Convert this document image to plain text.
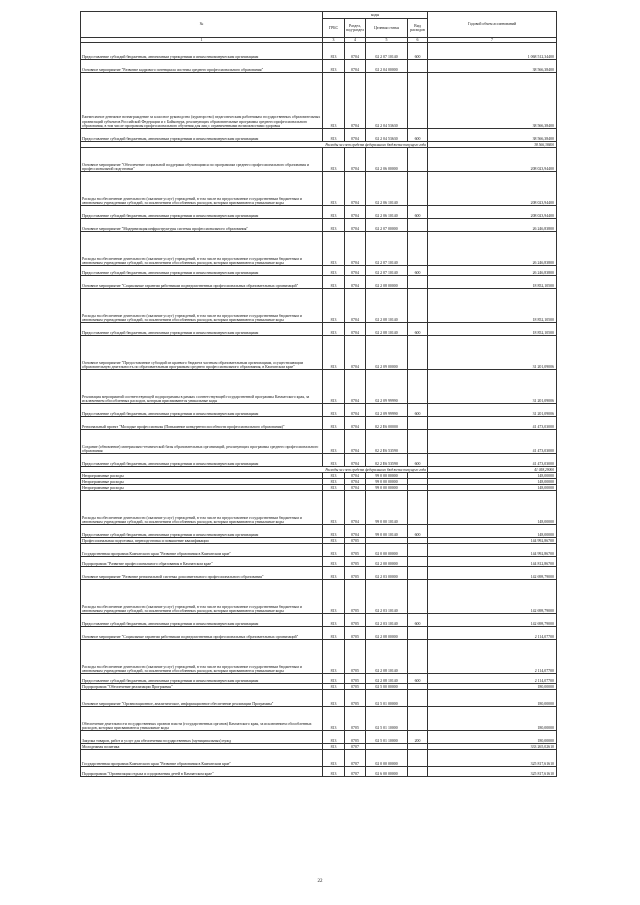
№	коды				Годовой объем ассигнований
	ГРБС	Раздел, под-раздел	Целевая статья	Вид расходов	
1	3	4	5	6	7
Предоставление субсидий бюджетным, автономным учреждениям и иным некоммерческим организациям	813	0704	02 2 07 10140	600	1 068 512,34400
Основное мероприятие "Развитие кадрового потенциала системы среднего профессионального образования"	813	0704	02 2 04 00000		38 566,38400
Ежемесячное денежное вознаграждение за классное руководство (кураторство) педагогическим работникам государственных образовательных организаций субъектов Российской Федерации и г. Байконура, реализующих образовательные программы среднего профессионального образования, в том числе программы профессионального обучения для лиц с ограниченными возможностями здоровья	813	0704	02 2 04 53630		38 566,38400
Предоставление субсидий бюджетным, автономным учреждениям и иным некоммерческим организациям	813	0704	02 2 04 53630	600	38 566,38400
Расходы за счет средств федерального бюджета текущего года					38 566,38400
Основное мероприятие "Обеспечение социальной поддержки обучающимся по программам среднего профессионального образования и профессиональной подготовки"	813	0704	02 2 06 00000		208 023,94400
Расходы на обеспечение деятельности (оказание услуг) учреждений, в том числе на предоставление государственным бюджетным и автономным учреждениям субсидий, за исключением обособленных расходов, которым присваиваются уникальные коды	813	0704	02 2 06 10140		208 023,94400
Предоставление субсидий бюджетным, автономным учреждениям и иным некоммерческим организациям	813	0704	02 2 06 10140	600	208 023,94400
Основное мероприятие "Модернизация инфраструктуры системы профессионального образования"	813	0704	02 2 07 00000		26 246,83800
Расходы на обеспечение деятельности (оказание услуг) учреждений, в том числе на предоставление государственным бюджетным и автономным учреждениям субсидий, за исключением обособленных расходов, которым присваиваются уникальные коды	813	0704	02 2 07 10140		26 246,83800
Предоставление субсидий бюджетным, автономным учреждениям и иным некоммерческим организациям	813	0704	02 2 07 10140	600	26 246,83800
Основное мероприятие "Социальные гарантии работникам подведомственных профессиональных образовательных организаций"	813	0704	02 2 08 00000		18 852,10500
Расходы на обеспечение деятельности (оказание услуг) учреждений, в том числе на предоставление государственным бюджетным и автономным учреждениям субсидий, за исключением обособленных расходов, которым присваиваются уникальные коды	813	0704	02 2 08 10140		18 852,10500
Предоставление субсидий бюджетным, автономным учреждениям и иным некоммерческим организациям	813	0704	02 2 08 10140	600	18 852,10500
Основное мероприятие "Предоставление субсидий из краевого бюджета частным образовательным организациям, осуществляющим образовательную деятельность по образовательным программам среднего профессионального образования, в Камчатском крае"	813	0704	02 2 09 00000		31 201,09006
Реализация мероприятий соответствующей подпрограммы в рамках соответствующей государственной программы Камчатского края, за исключением обособленных расходов, которым присваиваются уникальные коды	813	0704	02 2 09 99990		31 201,09006
Предоставление субсидий бюджетным, автономным учреждениям и иным некоммерческим организациям	813	0704	02 2 09 99990	600	31 201,09006
Региональный проект "Молодые профессионалы (Повышение конкурентоспособности профессионального образования)"	813	0704	02 2 E6 00000		41 473,03000
Создание (обновление) материально-технической базы образовательных организаций, реализующих программы среднего профессионального образования	813	0704	02 2 E6 53590		41 473,03000
Предоставление субсидий бюджетным, автономным учреждениям и иным некоммерческим организациям	813	0704	02 2 E6 53590	600	41 473,03000
Расходы за счет средств федерального бюджета текущего года					41 058,29000
Непрограммные расходы	813	0704	99 0 00 00000		148,00000
Непрограммные расходы	813	0704	99 0 00 00000		148,00000
Непрограммные расходы	813	0704	99 0 00 00000		148,00000
Расходы на обеспечение деятельности (оказание услуг) учреждений, в том числе на предоставление государственным бюджетным и автономным учреждениям субсидий, за исключением обособленных расходов, которым присваиваются уникальные коды	813	0704	99 0 00 10140		148,00000
Предоставление субсидий бюджетным, автономным учреждениям и иным некоммерческим организациям	813	0704	99 0 00 10140	600	148,00000
Профессиональная подготовка, переподготовка и повышение квалификации	813	0705			144 992,86700
Государственная программа Камчатского края "Развитие образования в Камчатском крае"	813	0705	02 0 00 00000		144 992,86700
Подпрограмма "Развитие профессионального образования в Камчатском крае"	813	0705	02 2 00 00000		144 812,86700
Основное мероприятие "Развитие региональной системы дополнительного профессионального образования"	813	0705	02 2 03 00000		142 698,79000
Расходы на обеспечение деятельности (оказание услуг) учреждений, в том числе на предоставление государственным бюджетным и автономным учреждениям субсидий, за исключением обособленных расходов, которым присваиваются уникальные коды	813	0705	02 2 03 10140		142 698,79000
Предоставление субсидий бюджетным, автономным учреждениям и иным некоммерческим организациям	813	0705	02 2 03 10140	600	142 698,79000
Основное мероприятие "Социальные гарантии работникам подведомственных профессиональных образовательных организаций"	813	0705	02 2 08 00000		2 114,07700
Расходы на обеспечение деятельности (оказание услуг) учреждений, в том числе на предоставление государственным бюджетным и автономным учреждениям субсидий, за исключением обособленных расходов, которым присваиваются уникальные коды	813	0705	02 2 08 10140		2 114,07700
Предоставление субсидий бюджетным, автономным учреждениям и иным некоммерческим организациям	813	0705	02 2 08 10140	600	2 114,07700
Подпрограмма "Обеспечение реализации Программы"	813	0705	02 5 00 00000		180,00000
Основное мероприятие "Организационное, аналитическое, информационное обеспечение реализации Программы"	813	0705	02 5 01 00000		180,00000
Обеспечение деятельности государственных органов власти (государственных органов) Камчатского края, за исключением обособленных расходов, которым присваиваются уникальные коды	813	0705	02 5 01 10000		180,00000
Закупка товаров, работ и услуг для обеспечения государственных (муниципальных) нужд	813	0705	02 5 01 10000	200	180,00000
Молодежная политика	813	0707			333 265,02610
Государственная программа Камчатского края "Развитие образования в Камчатском крае"	813	0707	02 0 00 00000		325 817,61610
Подпрограмма "Организация отдыха и оздоровления детей в Камчатском крае"	813	0707	02 6 00 00000		325 817,61610
22
